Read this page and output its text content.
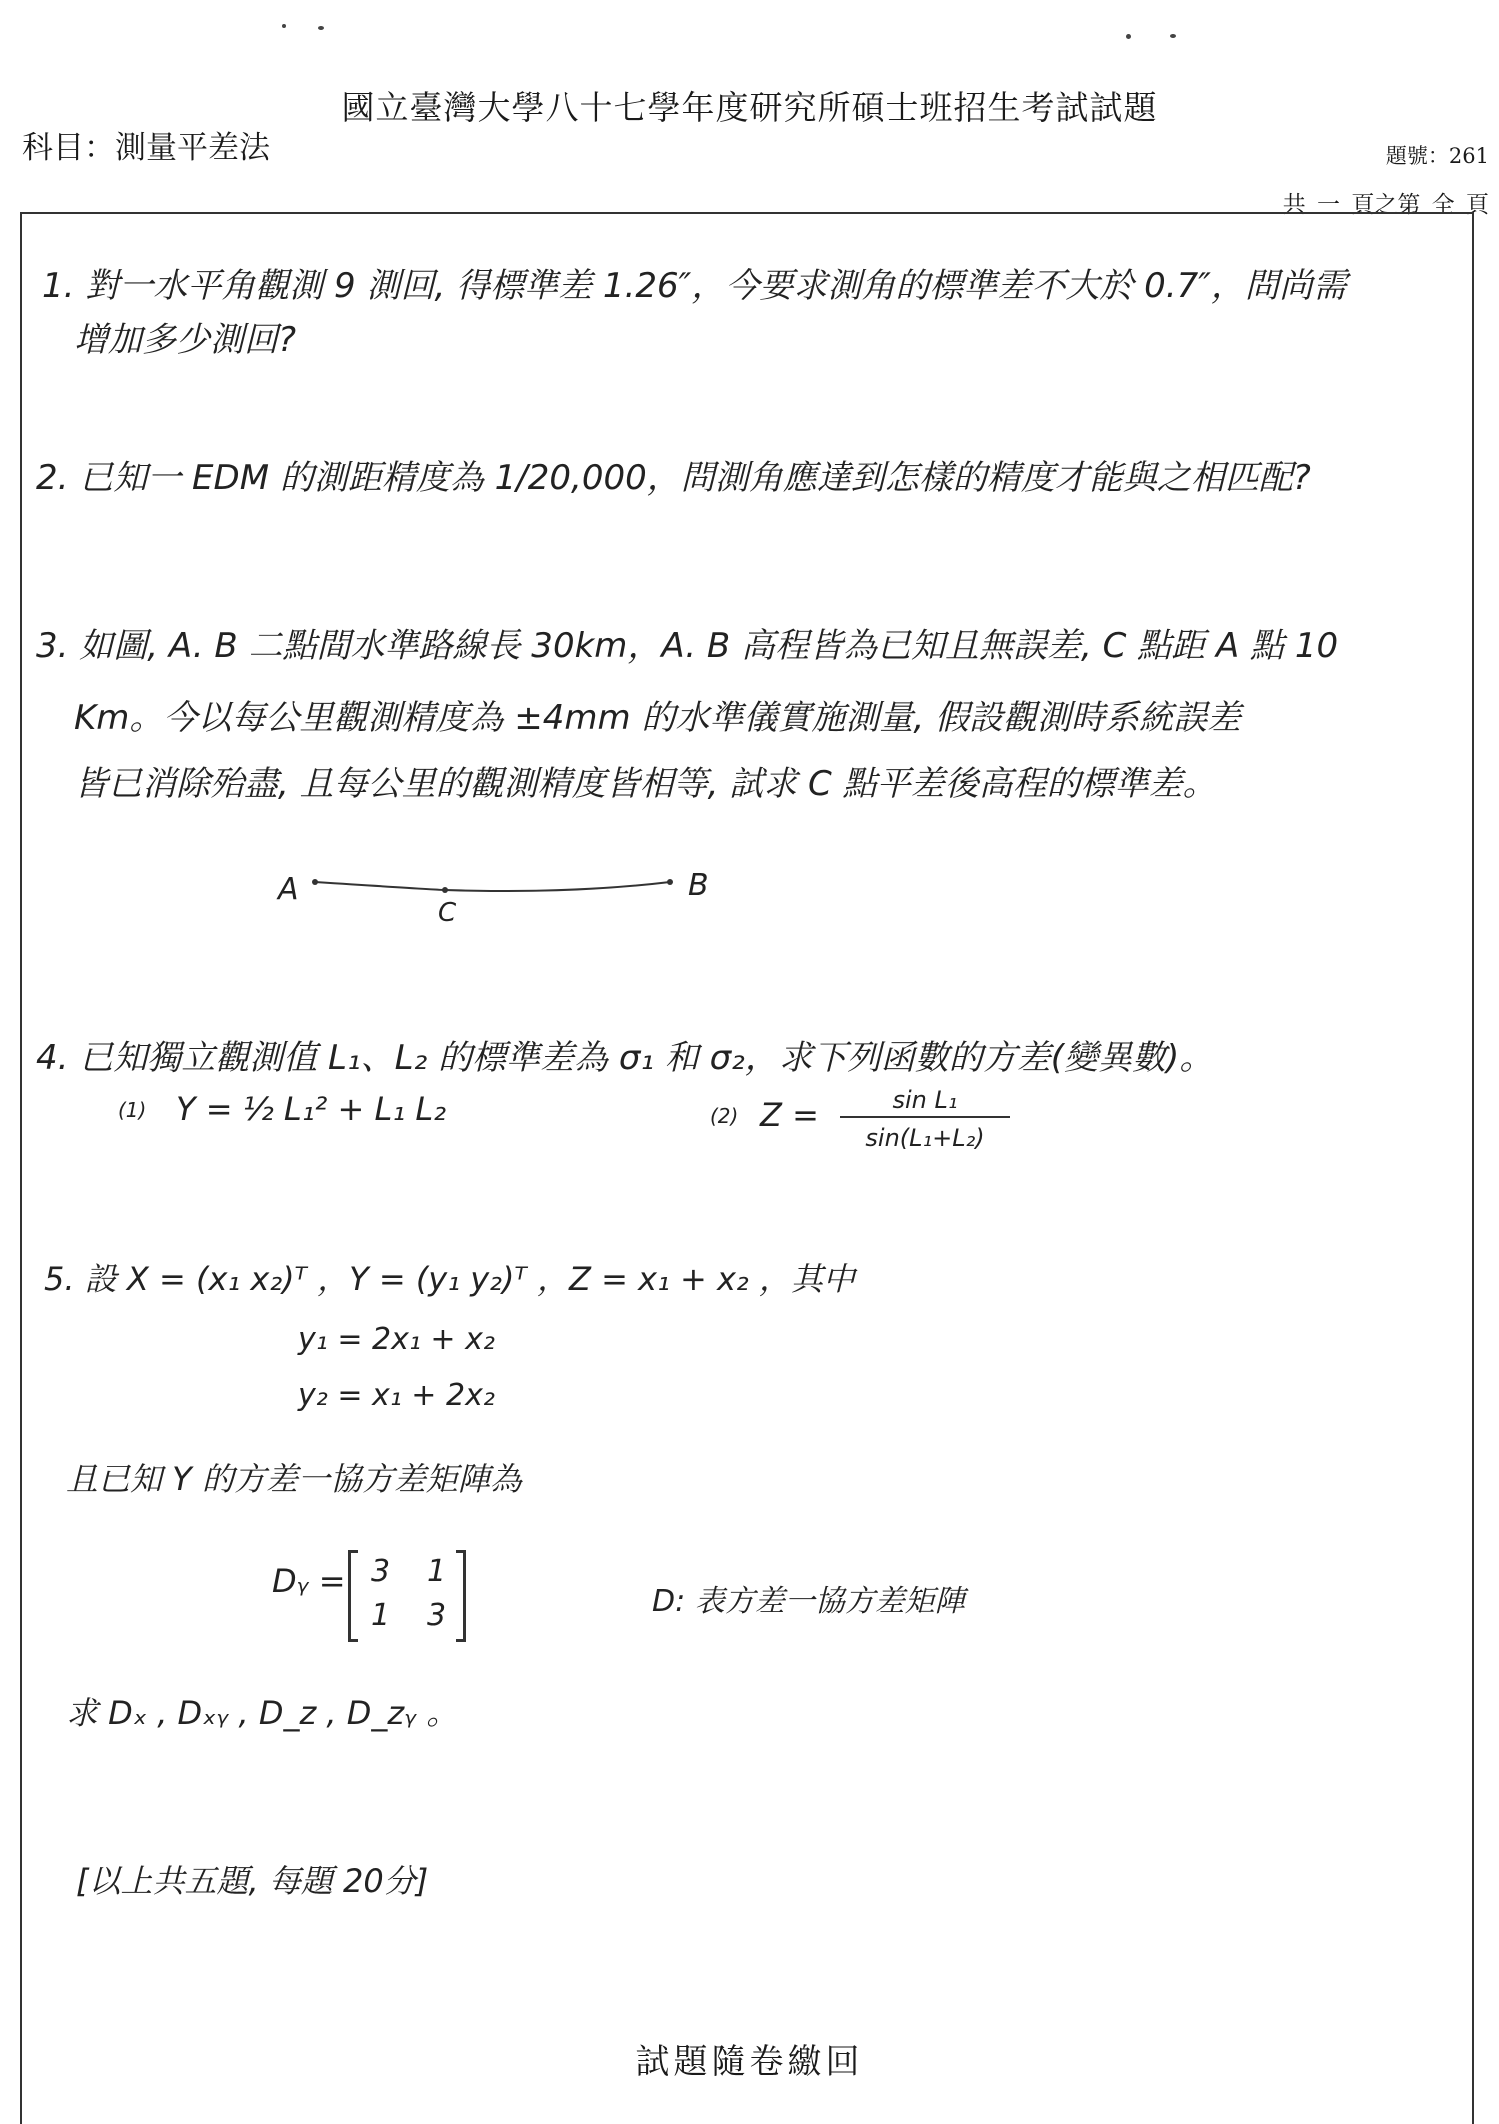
國立臺灣大學八十七學年度研究所碩士班招生考試試題
科目：測量平差法	題號：261
共 一 頁之第 全 頁
1. 對一水平角觀測 9 測回, 得標準差 1.26″，今要求測角的標準差不大於 0.7″，問尚需
增加多少測回?
2. 已知一 EDM 的測距精度為 1/20,000，問測角應達到怎樣的精度才能與之相匹配?
3. 如圖, A. B 二點間水準路線長 30km，A. B 高程皆為已知且無誤差, C 點距 A 點 10
Km。今以每公里觀測精度為 ±4mm 的水準儀實施測量, 假設觀測時系統誤差
皆已消除殆盡, 且每公里的觀測精度皆相等, 試求 C 點平差後高程的標準差。
A
C
B
4. 已知獨立觀測值 L₁、L₂ 的標準差為 σ₁ 和 σ₂，求下列函數的方差(變異數)。
(1) Y = ½ L₁² + L₁ L₂	(2) Z =	sin L₁
sin(L₁+L₂)
5. 設 X = (x₁ x₂)ᵀ ，Y = (y₁ y₂)ᵀ ，Z = x₁ + x₂ ，其中
y₁ = 2x₁ + x₂
y₂ = x₁ + 2x₂
且已知 Y 的方差一協方差矩陣為
Dᵧ = 3 1
1 3	D: 表方差一協方差矩陣
求 Dₓ , Dₓᵧ , D_z , D_zᵧ 。
[以上共五題, 每題 20分]
試題隨卷繳回
